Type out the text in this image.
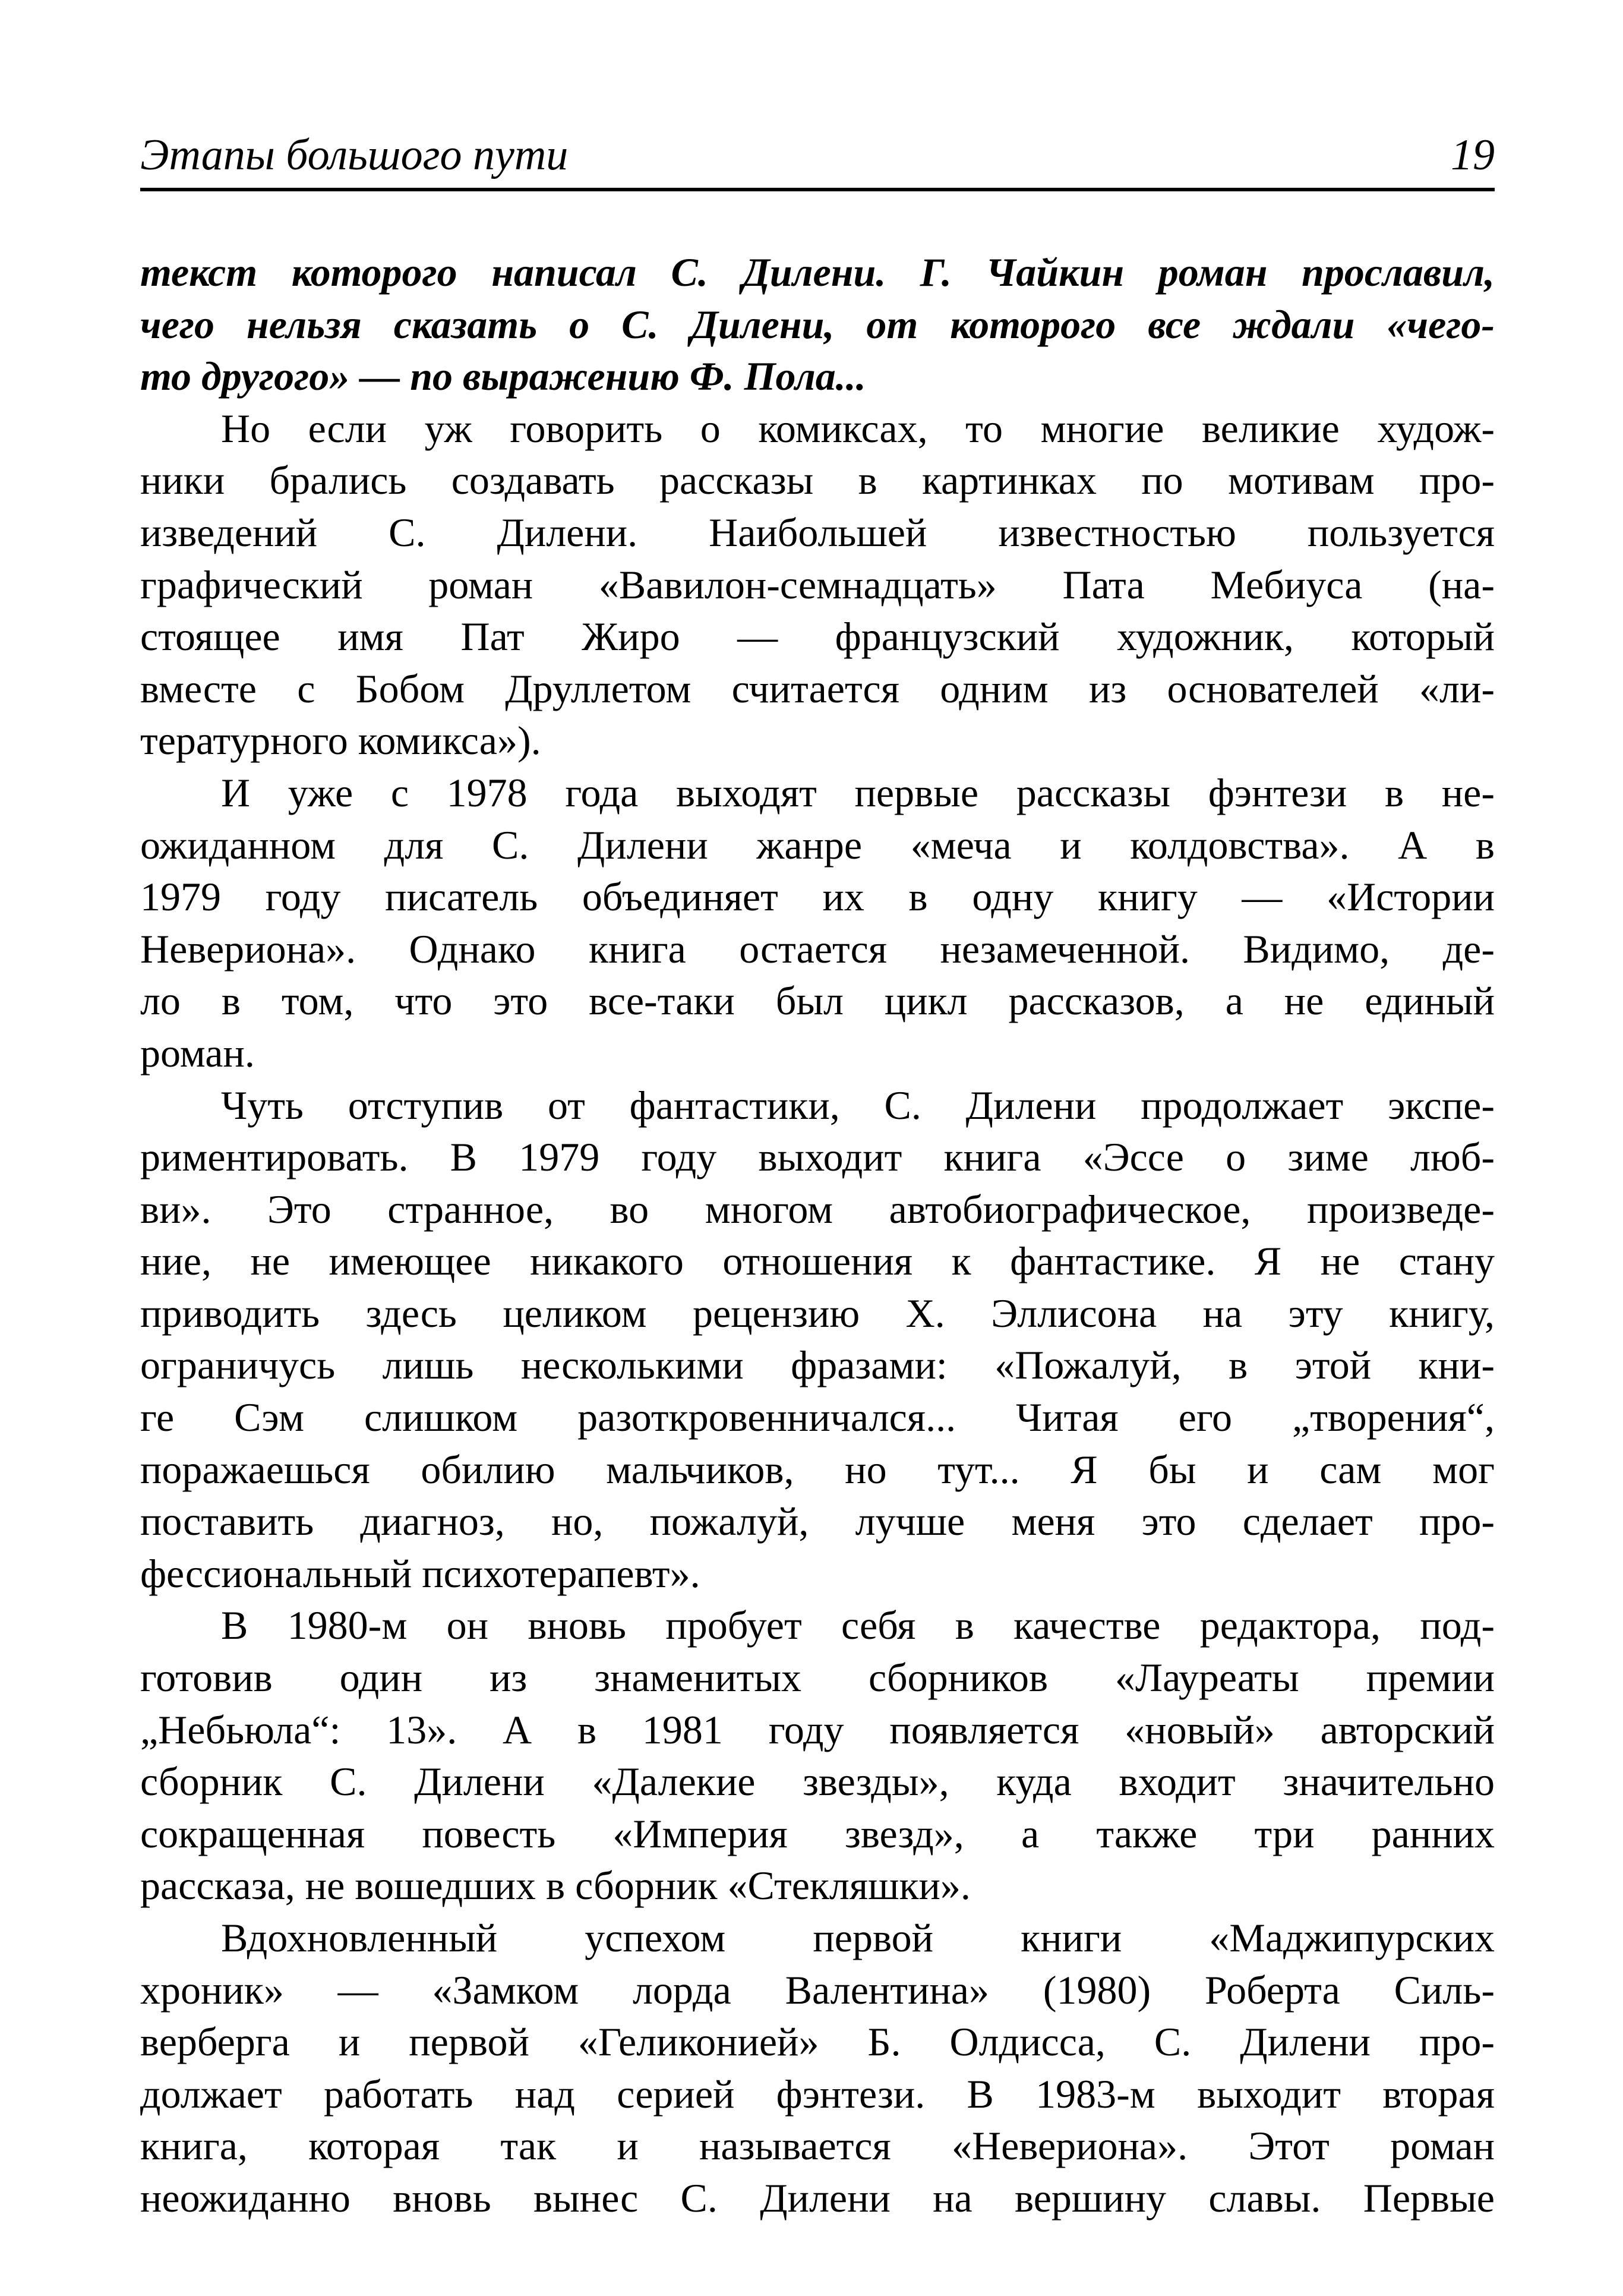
Этапы большого пути	19
текст которого написал С. Дилени. Г. Чайкин роман прославил,
чего нельзя сказать о С. Дилени, от которого все ждали «чего-
то другого» — по выражению Ф. Пола...
Но если уж говорить о комиксах, то многие великие худож-
ники брались создавать рассказы в картинках по мотивам про-
изведений С. Дилени. Наибольшей известностью пользуется
графический роман «Вавилон-семнадцать» Пата Мебиуса (на-
стоящее имя Пат Жиро — французский художник, который
вместе с Бобом Друллетом считается одним из основателей «ли-
тературного комикса»).
И уже с 1978 года выходят первые рассказы фэнтези в не-
ожиданном для С. Дилени жанре «меча и колдовства». А в
1979 году писатель объединяет их в одну книгу — «Истории
Невериона». Однако книга остается незамеченной. Видимо, де-
ло в том, что это все-таки был цикл рассказов, а не единый
роман.
Чуть отступив от фантастики, С. Дилени продолжает экспе-
риментировать. В 1979 году выходит книга «Эссе о зиме люб-
ви». Это странное, во многом автобиографическое, произведе-
ние, не имеющее никакого отношения к фантастике. Я не стану
приводить здесь целиком рецензию Х. Эллисона на эту книгу,
ограничусь лишь несколькими фразами: «Пожалуй, в этой кни-
ге Сэм слишком разоткровенничался... Читая его „творения“,
поражаешься обилию мальчиков, но тут... Я бы и сам мог
поставить диагноз, но, пожалуй, лучше меня это сделает про-
фессиональный психотерапевт».
В 1980-м он вновь пробует себя в качестве редактора, под-
готовив один из знаменитых сборников «Лауреаты премии
„Небьюла“: 13». А в 1981 году появляется «новый» авторский
сборник С. Дилени «Далекие звезды», куда входит значительно
сокращенная повесть «Империя звезд», а также три ранних
рассказа, не вошедших в сборник «Стекляшки».
Вдохновленный успехом первой книги «Маджипурских
хроник» — «Замком лорда Валентина» (1980) Роберта Силь-
верберга и первой «Геликонией» Б. Олдисса, С. Дилени про-
должает работать над серией фэнтези. В 1983-м выходит вторая
книга, которая так и называется «Невериона». Этот роман
неожиданно вновь вынес С. Дилени на вершину славы. Первые
